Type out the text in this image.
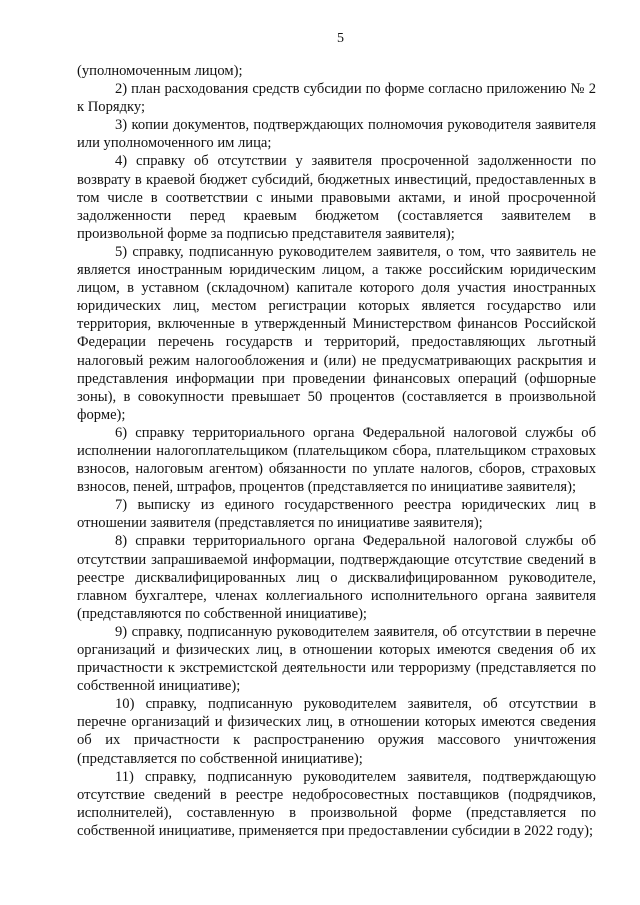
5

(уполномоченным лицом);

2) план расходования средств субсидии по форме согласно приложению № 2 к Порядку;

3) копии документов, подтверждающих полномочия руководителя заявителя или уполномоченного им лица;

4) справку об отсутствии у заявителя просроченной задолженности по возврату в краевой бюджет субсидий, бюджетных инвестиций, предоставленных в том числе в соответствии с иными правовыми актами, и иной просроченной задолженности перед краевым бюджетом (составляется заявителем в произвольной форме за подписью представителя заявителя);

5) справку, подписанную руководителем заявителя, о том, что заявитель не является иностранным юридическим лицом, а также российским юридическим лицом, в уставном (складочном) капитале которого доля участия иностранных юридических лиц, местом регистрации которых является государство или территория, включенные в утвержденный Министерством финансов Российской Федерации перечень государств и территорий, предоставляющих льготный налоговый режим налогообложения и (или) не предусматривающих раскрытия и представления информации при проведении финансовых операций (офшорные зоны), в совокупности превышает 50 процентов (составляется в произвольной форме);

6) справку территориального органа Федеральной налоговой службы об исполнении налогоплательщиком (плательщиком сбора, плательщиком страховых взносов, налоговым агентом) обязанности по уплате налогов, сборов, страховых взносов, пеней, штрафов, процентов (представляется по инициативе заявителя);

7) выписку из единого государственного реестра юридических лиц в отношении заявителя (представляется по инициативе заявителя);

8) справки территориального органа Федеральной налоговой службы об отсутствии запрашиваемой информации, подтверждающие отсутствие сведений в реестре дисквалифицированных лиц о дисквалифицированном руководителе, главном бухгалтере, членах коллегиального исполнительного органа заявителя (представляются по собственной инициативе);

9) справку, подписанную руководителем заявителя, об отсутствии в перечне организаций и физических лиц, в отношении которых имеются сведения об их причастности к экстремистской деятельности или терроризму (представляется по собственной инициативе);

10) справку, подписанную руководителем заявителя, об отсутствии в перечне организаций и физических лиц, в отношении которых имеются сведения об их причастности к распространению оружия массового уничтожения (представляется по собственной инициативе);

11) справку, подписанную руководителем заявителя, подтверждающую отсутствие сведений в реестре недобросовестных поставщиков (подрядчиков, исполнителей), составленную в произвольной форме (представляется по собственной инициативе, применяется при предоставлении субсидии в 2022 году);
